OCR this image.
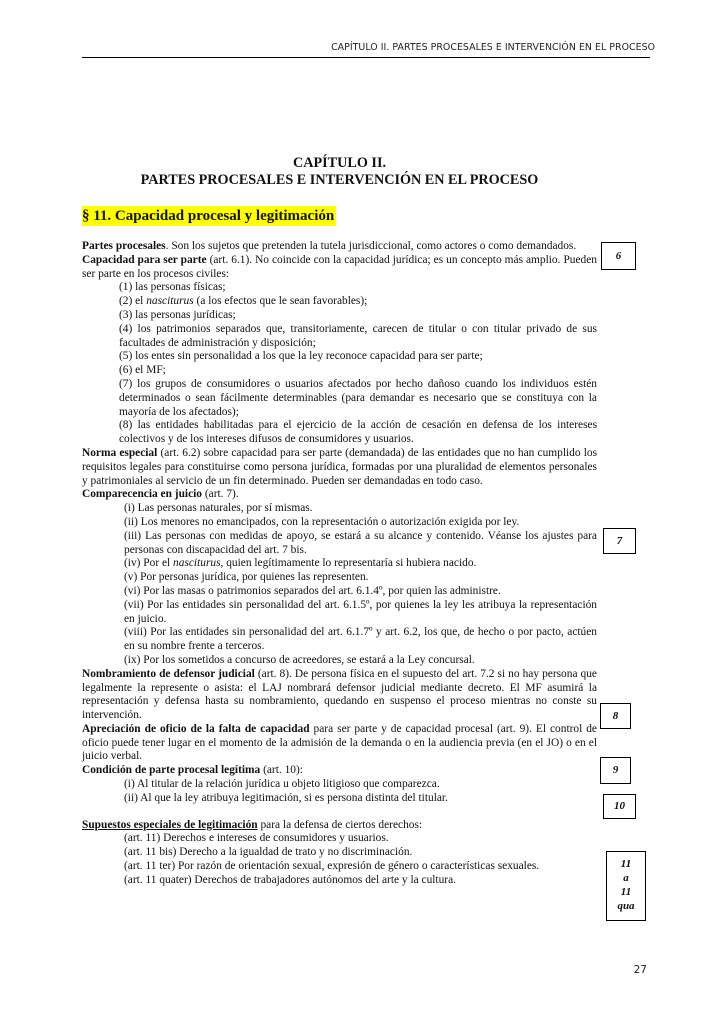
CAPÍTULO II. PARTES PROCESALES E INTERVENCIÓN EN EL PROCESO
CAPÍTULO II.
PARTES PROCESALES E INTERVENCIÓN EN EL PROCESO
§ 11. Capacidad procesal y legitimación

Partes procesales. Son los sujetos que pretenden la tutela jurisdiccional, como actores o como demandados.

Capacidad para ser parte (art. 6.1). No coincide con la capacidad jurídica; es un concepto más amplio. Pueden ser parte en los procesos civiles:

(1) las personas físicas;

(2) el nasciturus (a los efectos que le sean favorables);

(3) las personas jurídicas;

(4) los patrimonios separados que, transitoriamente, carecen de titular o con titular privado de sus facultades de administración y disposición;

(5) los entes sin personalidad a los que la ley reconoce capacidad para ser parte;

(6) el MF;

(7) los grupos de consumidores o usuarios afectados por hecho dañoso cuando los individuos estén determinados o sean fácilmente determinables (para demandar es necesario que se constituya con la mayoría de los afectados);

(8) las entidades habilitadas para el ejercicio de la acción de cesación en defensa de los intereses colectivos y de los intereses difusos de consumidores y usuarios.

Norma especial (art. 6.2) sobre capacidad para ser parte (demandada) de las entidades que no han cumplido los requisitos legales para constituirse como persona jurídica, formadas por una pluralidad de elementos personales y patrimoniales al servicio de un fin determinado. Pueden ser demandadas en todo caso.

Comparecencia en juicio (art. 7).

(i) Las personas naturales, por sí mismas.

(ii) Los menores no emancipados, con la representación o autorización exigida por ley.

(iii) Las personas con medidas de apoyo, se estará a su alcance y contenido. Véanse los ajustes para personas con discapacidad del art. 7 bis.

(iv) Por el nasciturus, quien legítimamente lo representaría si hubiera nacido.

(v) Por personas jurídica, por quienes las representen.

(vi) Por las masas o patrimonios separados del art. 6.1.4º, por quien las administre.

(vii) Por las entidades sin personalidad del art. 6.1.5º, por quienes la ley les atribuya la representación en juicio.

(viii) Por las entidades sin personalidad del art. 6.1.7º y art. 6.2, los que, de hecho o por pacto, actúen en su nombre frente a terceros.

(ix) Por los sometidos a concurso de acreedores, se estará a la Ley concursal.

Nombramiento de defensor judicial (art. 8). De persona física en el supuesto del art. 7.2 si no hay persona que legalmente la represente o asista: el LAJ nombrará defensor judicial mediante decreto. El MF asumirá la representación y defensa hasta su nombramiento, quedando en suspenso el proceso mientras no conste su intervención.

Apreciación de oficio de la falta de capacidad para ser parte y de capacidad procesal (art. 9). El control de oficio puede tener lugar en el momento de la admisión de la demanda o en la audiencia previa (en el JO) o en el juicio verbal.

Condición de parte procesal legítima (art. 10):

(i) Al titular de la relación jurídica u objeto litigioso que comparezca.

(ii) Al que la ley atribuya legitimación, si es persona distinta del titular.

Supuestos especiales de legitimación para la defensa de ciertos derechos:

(art. 11) Derechos e intereses de consumidores y usuarios.

(art. 11 bis) Derecho a la igualdad de trato y no discriminación.

(art. 11 ter) Por razón de orientación sexual, expresión de género o características sexuales.

(art. 11 quater) Derechos de trabajadores autónomos del arte y la cultura.

6
7
8
9
10
11
a
11
qua
27
